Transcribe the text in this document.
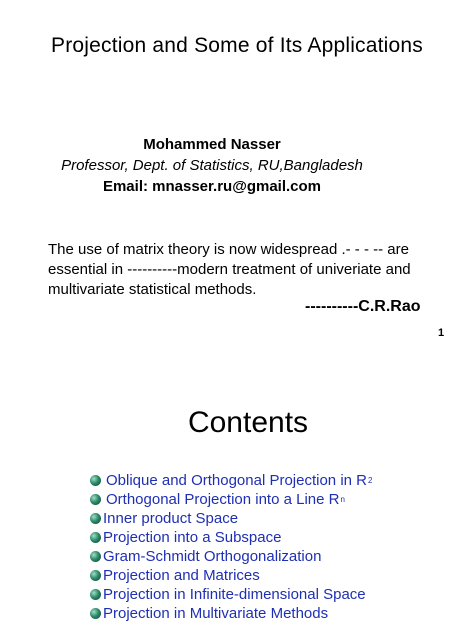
Projection and Some of Its Applications
Mohammed Nasser
Professor, Dept. of Statistics, RU,Bangladesh
Email: mnasser.ru@gmail.com
The use of matrix theory is now widespread .- - - -- are essential in ----------modern treatment of univeriate and multivariate statistical methods.
----------C.R.Rao
1
Contents
Oblique and Orthogonal Projection in R 2
Orthogonal Projection into a Line R n
Inner product Space
Projection into a Subspace
Gram-Schmidt Orthogonalization
Projection and Matrices
Projection in Infinite-dimensional Space
Projection in Multivariate Methods
